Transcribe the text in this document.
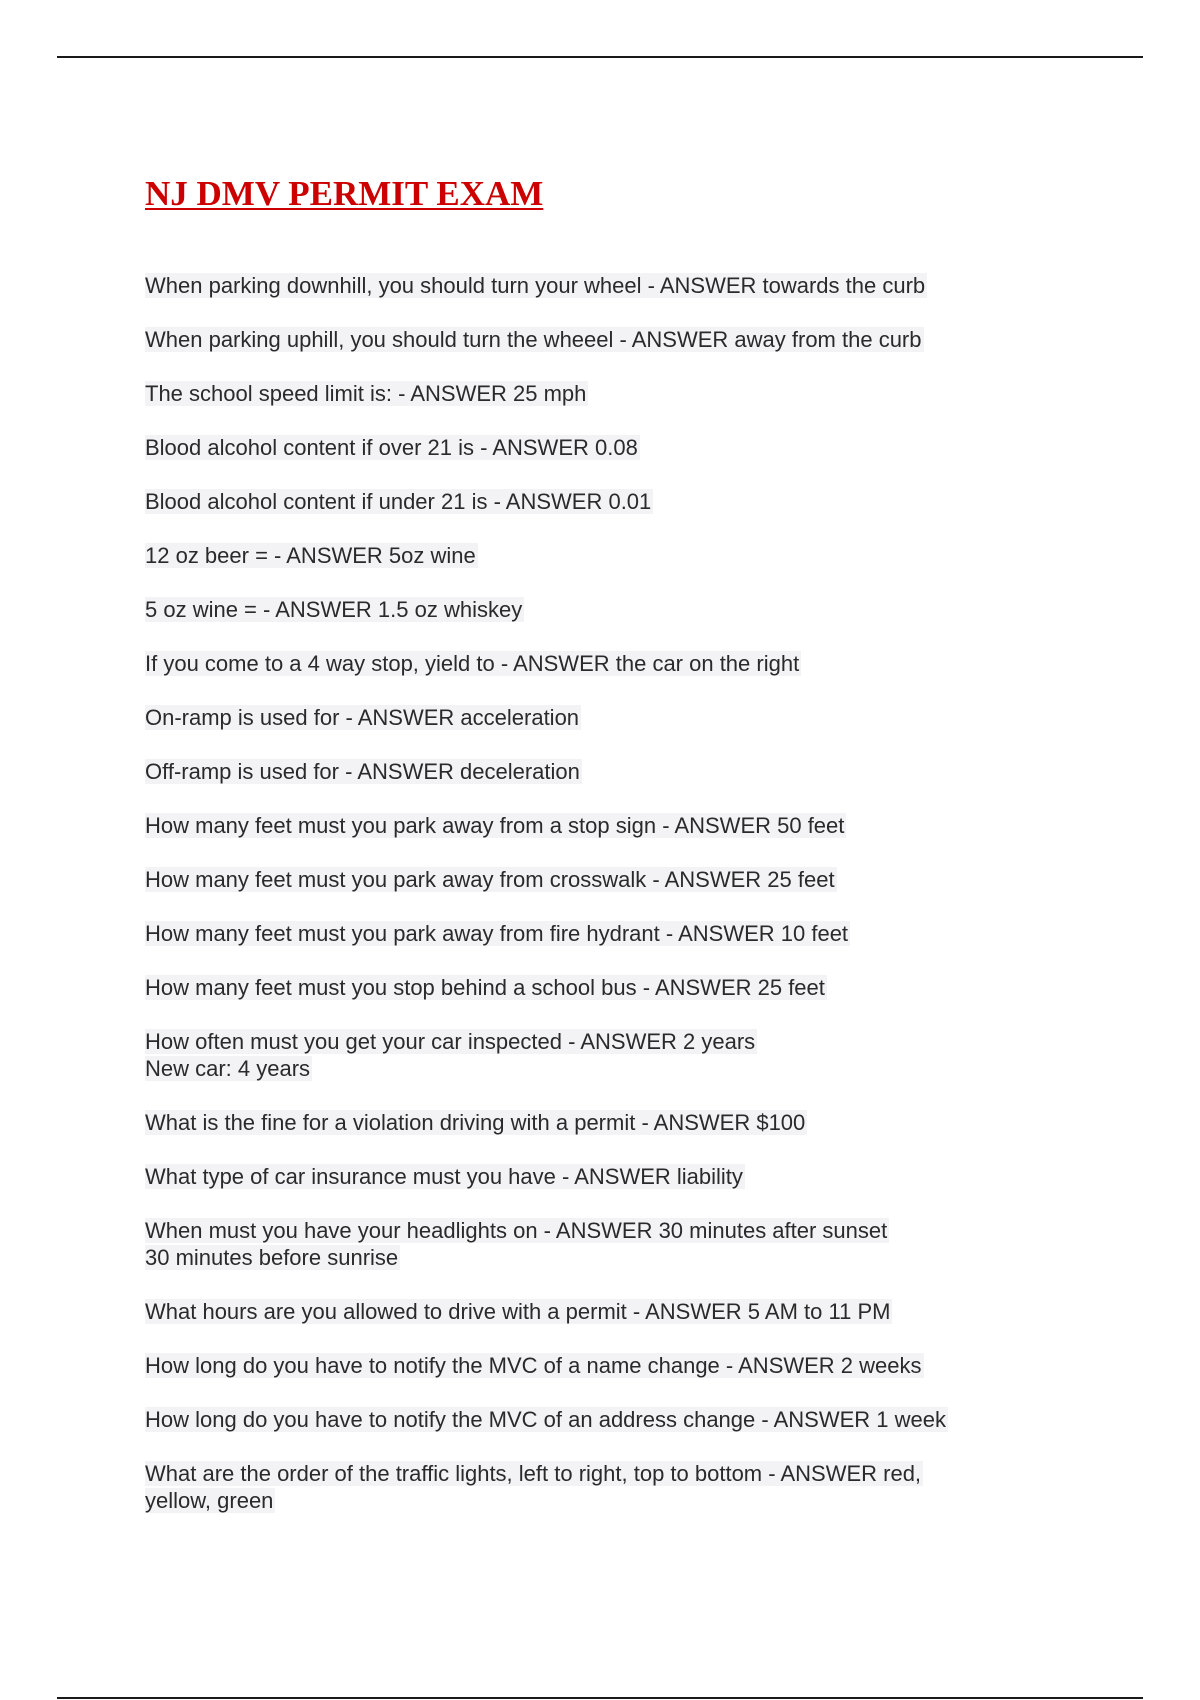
NJ DMV PERMIT EXAM
When parking downhill, you should turn your wheel - ANSWER towards the curb
When parking uphill, you should turn the wheeel - ANSWER away from the curb
The school speed limit is: - ANSWER 25 mph
Blood alcohol content if over 21 is - ANSWER 0.08
Blood alcohol content if under 21 is - ANSWER 0.01
12 oz beer = - ANSWER 5oz wine
5 oz wine = - ANSWER 1.5 oz whiskey
If you come to a 4 way stop, yield to - ANSWER the car on the right
On-ramp is used for - ANSWER acceleration
Off-ramp is used for - ANSWER deceleration
How many feet must you park away from a stop sign - ANSWER 50 feet
How many feet must you park away from crosswalk - ANSWER 25 feet
How many feet must you park away from fire hydrant - ANSWER 10 feet
How many feet must you stop behind a school bus - ANSWER 25 feet
How often must you get your car inspected - ANSWER 2 years
New car: 4 years
What is the fine for a violation driving with a permit - ANSWER $100
What type of car insurance must you have - ANSWER liability
When must you have your headlights on - ANSWER 30 minutes after sunset
30 minutes before sunrise
What hours are you allowed to drive with a permit - ANSWER 5 AM to 11 PM
How long do you have to notify the MVC of a name change - ANSWER 2 weeks
How long do you have to notify the MVC of an address change - ANSWER 1 week
What are the order of the traffic lights, left to right, top to bottom - ANSWER red,
yellow, green
